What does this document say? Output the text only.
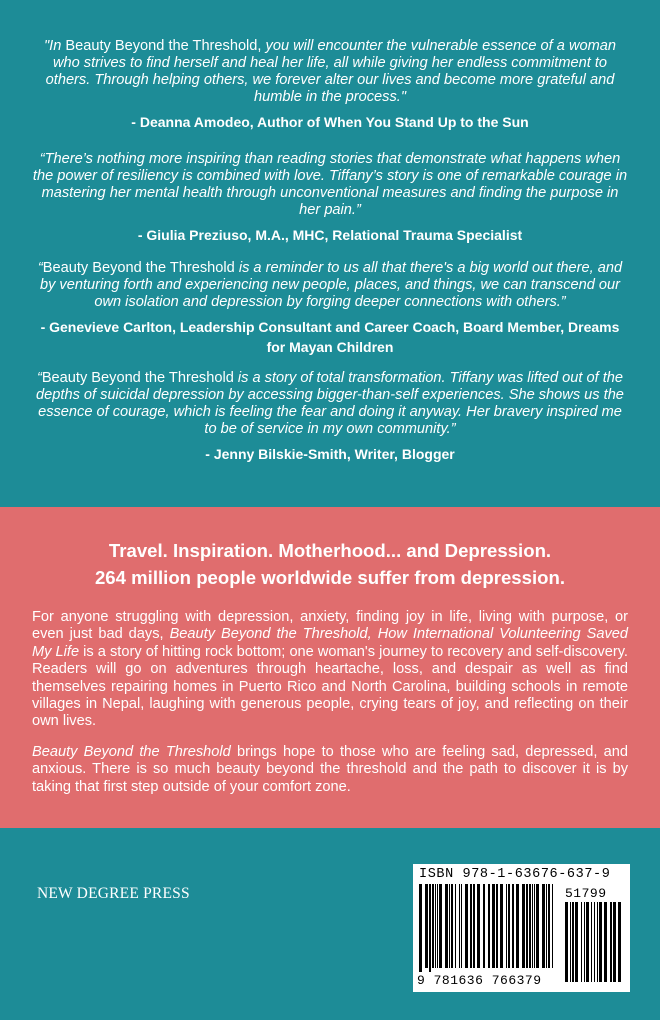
"In Beauty Beyond the Threshold, you will encounter the vulnerable essence of a woman who strives to find herself and heal her life, all while giving her endless commitment to others. Through helping others, we forever alter our lives and become more grateful and humble in the process."

- Deanna Amodeo, Author of When You Stand Up to the Sun

“There’s nothing more inspiring than reading stories that demonstrate what happens when the power of resiliency is combined with love. Tiffany’s story is one of remarkable courage in mastering her mental health through unconventional measures and finding the purpose in her pain.”

- Giulia Preziuso, M.A., MHC, Relational Trauma Specialist

“Beauty Beyond the Threshold is a reminder to us all that there's a big world out there, and by venturing forth and experiencing new people, places, and things, we can transcend our own isolation and depression by forging deeper connections with others.”

- Genevieve Carlton, Leadership Consultant and Career Coach, Board Member, Dreams for Mayan Children

“Beauty Beyond the Threshold is a story of total transformation. Tiffany was lifted out of the depths of suicidal depression by accessing bigger-than-self experiences. She shows us the essence of courage, which is feeling the fear and doing it anyway. Her bravery inspired me to be of service in my own community.”

- Jenny Bilskie-Smith, Writer, Blogger

Travel. Inspiration. Motherhood... and Depression.

264 million people worldwide suffer from depression.

For anyone struggling with depression, anxiety, finding joy in life, living with purpose, or even just bad days, Beauty Beyond the Threshold, How International Volunteering Saved My Life is a story of hitting rock bottom; one woman's journey to recovery and self-discovery. Readers will go on adventures through heartache, loss, and despair as well as find themselves repairing homes in Puerto Rico and North Carolina, building schools in remote villages in Nepal, laughing with generous people, crying tears of joy, and reflecting on their own lives.

Beauty Beyond the Threshold brings hope to those who are feeling sad, depressed, and anxious. There is so much beauty beyond the threshold and the path to discover it is by taking that first step outside of your comfort zone.

NEW DEGREE PRESS

ISBN 978-1-63676-637-9

51799

9 781636 766379
